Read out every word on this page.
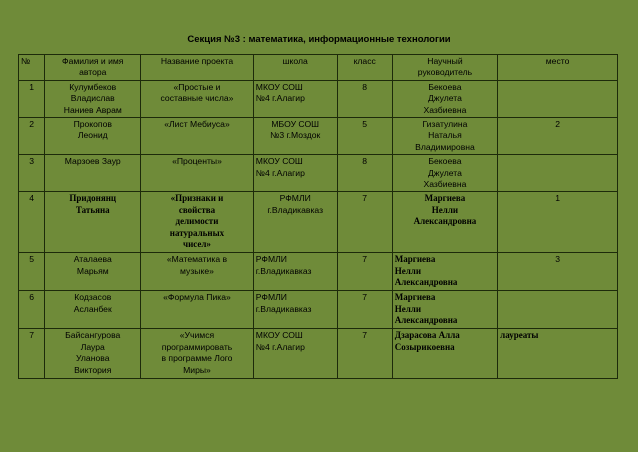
Секция №3 : математика, информационные технологии
№	Фамилия и имя
автора	Название проекта	школа	класс	Научный
руководитель	место
1	Кулумбеков
Владислав
Наниев Аврам	«Простые и
составные числа»	МКОУ СОШ
№4 г.Алагир	8	Бекоева
Джулета
Хазбиевна	
2	Прокопов
Леонид	«Лист Мебиуса»	МБОУ СОШ
№3 г.Моздок	5	Гизатулина
Наталья
Владимировна	2
3	Марзоев Заур	«Проценты»	МКОУ СОШ
№4 г.Алагир	8	Бекоева
Джулета
Хазбиевна	
4	Придонянц
Татьяна	«Признаки и
свойства
делимости
натуральных
чисел»	РФМЛИ
г.Владикавказ	7	Маргиева
Нелли
Александровна	1
5	Аталаева
Марьям	«Математика в
музыке»	РФМЛИ
г.Владикавказ	7	Маргиева
Нелли
Александровна	3
6	Кодзасов
Асланбек	«Формула Пика»	РФМЛИ
г.Владикавказ	7	Маргиева
Нелли
Александровна	
7	Байсангурова
Лаура
Уланова
Виктория	«Учимся
программировать
в программе Лого
Миры»	МКОУ СОШ
№4 г.Алагир	7	Дзарасова Алла
Созырикоевна	лауреаты
